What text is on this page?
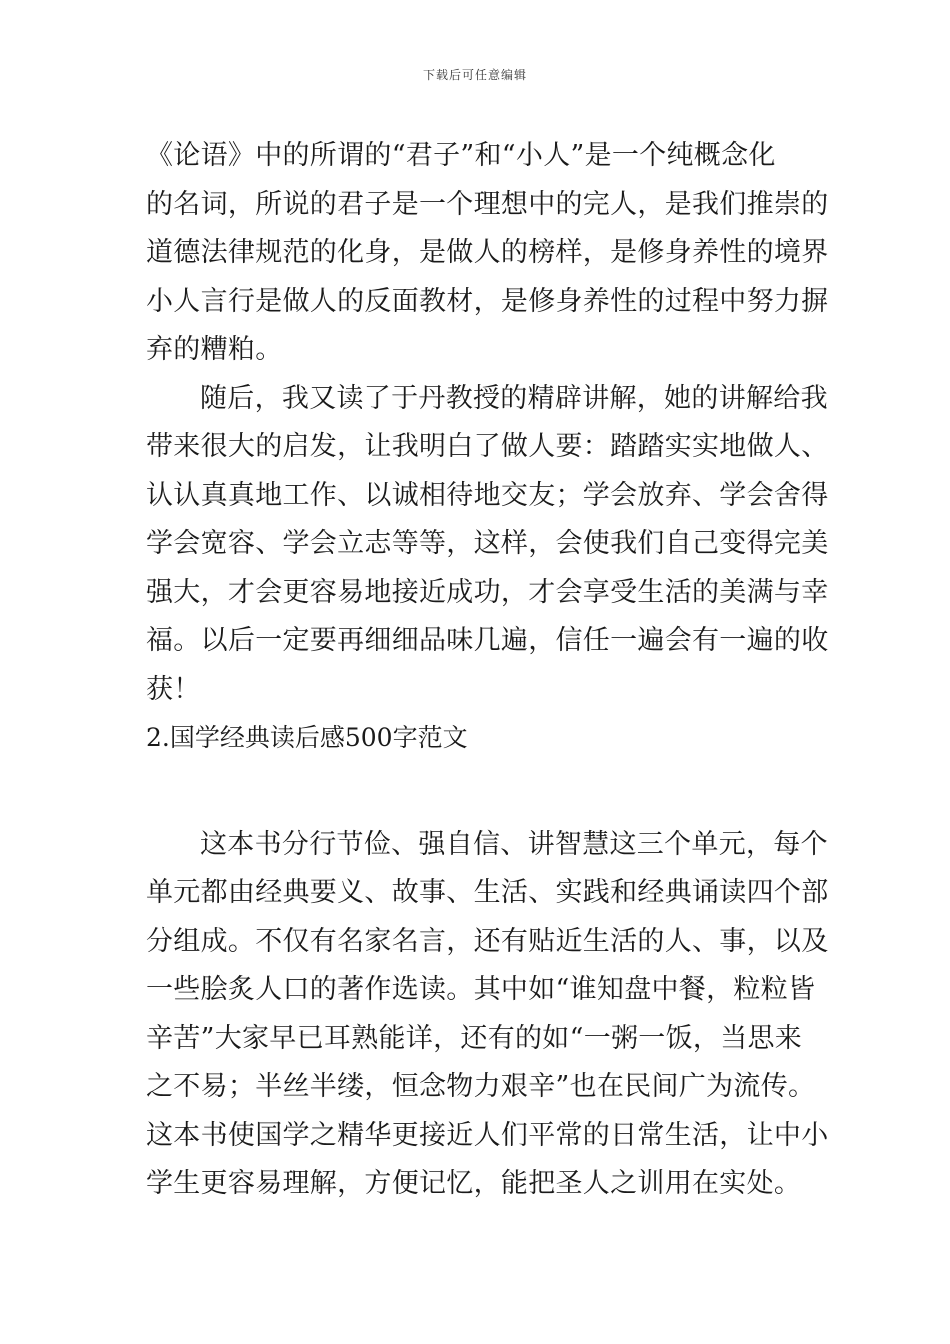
下载后可任意编辑
《论语》中的所谓的“君子”和“小人”是一个纯概念化
的名词，所说的君子是一个理想中的完人，是我们推崇的
道德法律规范的化身，是做人的榜样，是修身养性的境界
小人言行是做人的反面教材，是修身养性的过程中努力摒
弃的糟粕。
随后，我又读了于丹教授的精辟讲解，她的讲解给我
带来很大的启发，让我明白了做人要：踏踏实实地做人、
认认真真地工作、以诚相待地交友；学会放弃、学会舍得
学会宽容、学会立志等等，这样，会使我们自己变得完美
强大，才会更容易地接近成功，才会享受生活的美满与幸
福。以后一定要再细细品味几遍，信任一遍会有一遍的收
获！
2.国学经典读后感500字范文
这本书分行节俭、强自信、讲智慧这三个单元，每个
单元都由经典要义、故事、生活、实践和经典诵读四个部
分组成。不仅有名家名言，还有贴近生活的人、事，以及
一些脍炙人口的著作选读。其中如“谁知盘中餐，粒粒皆
辛苦”大家早已耳熟能详，还有的如“一粥一饭，当思来
之不易；半丝半缕，恒念物力艰辛”也在民间广为流传。
这本书使国学之精华更接近人们平常的日常生活，让中小
学生更容易理解，方便记忆，能把圣人之训用在实处。
